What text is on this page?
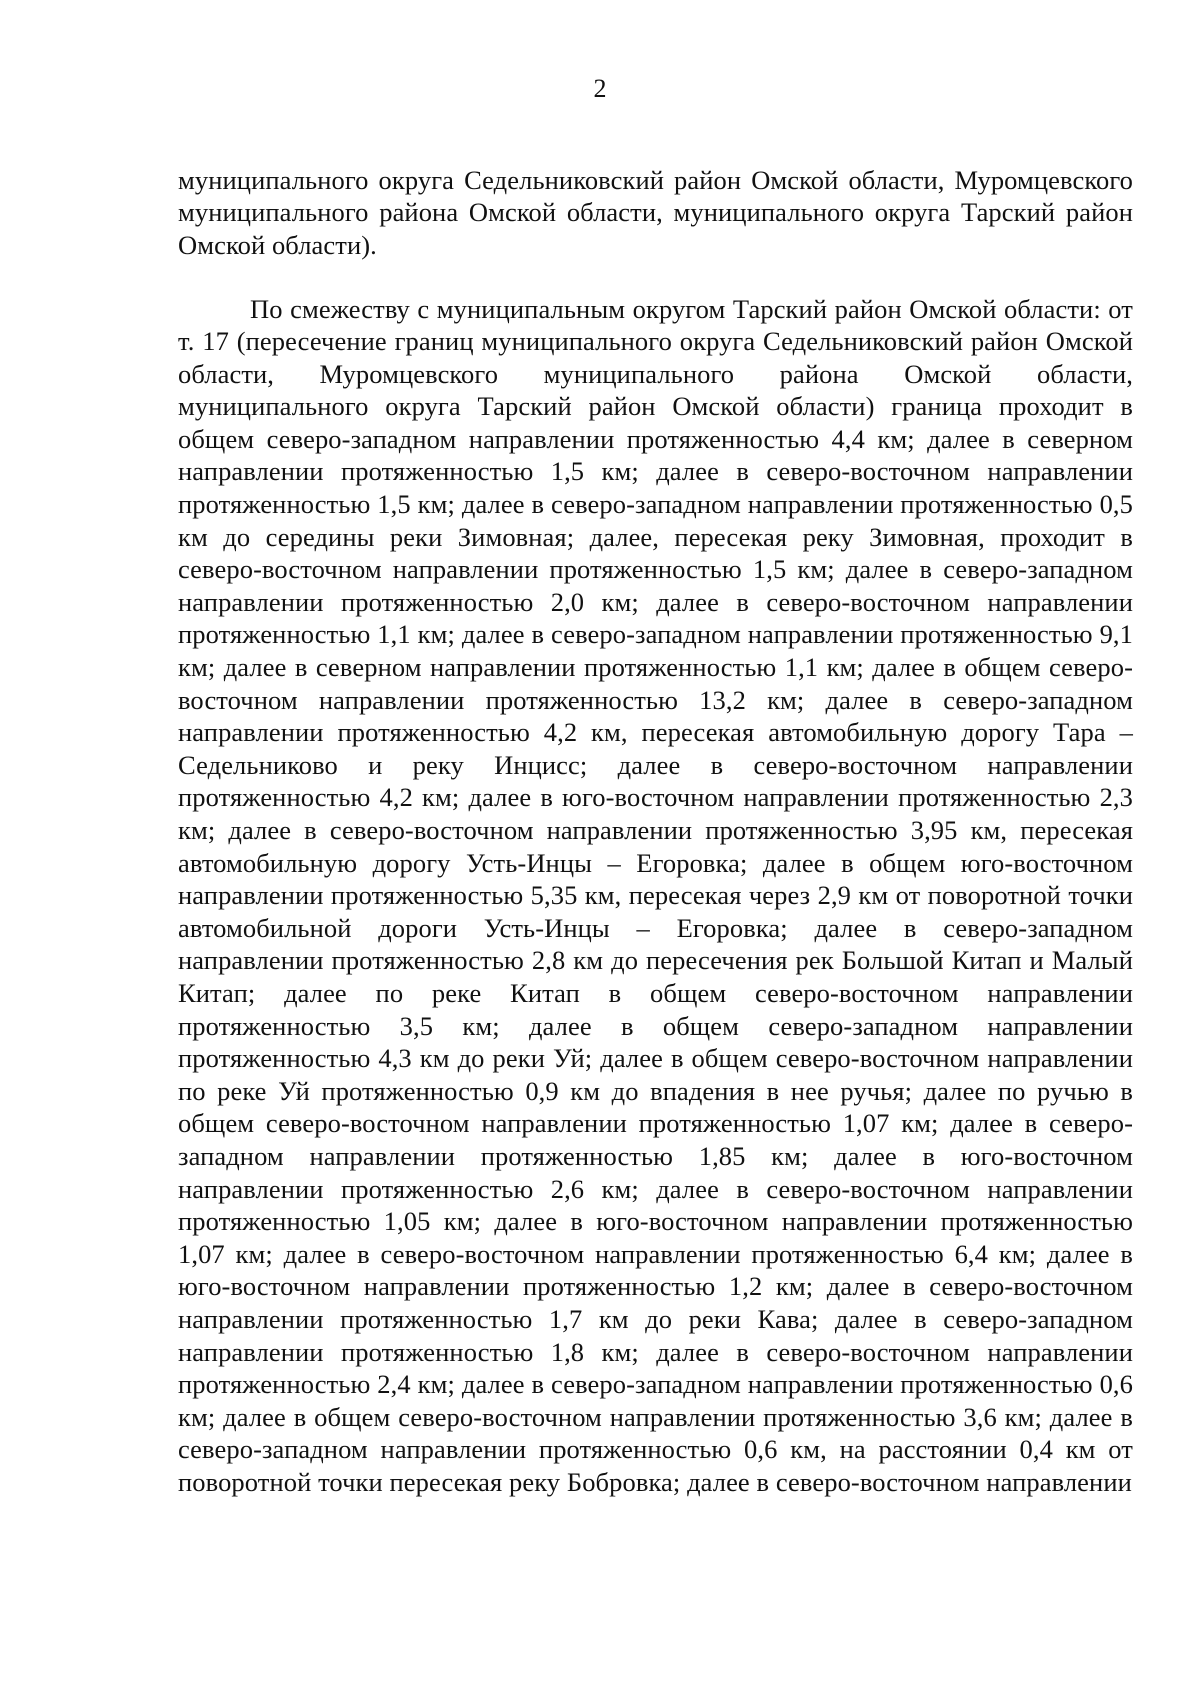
2

муниципального округа Седельниковский район Омской области, Муромцевского муниципального района Омской области, муниципального округа Тарский район Омской области).

По смежеству с муниципальным округом Тарский район Омской области: от т. 17 (пересечение границ муниципального округа Седельниковский район Омской области, Муромцевского муниципального района Омской области, муниципального округа Тарский район Омской области) граница проходит в общем северо-западном направлении протяженностью 4,4 км; далее в северном направлении протяженностью 1,5 км; далее в северо-восточном направлении протяженностью 1,5 км; далее в северо-западном направлении протяженностью 0,5 км до середины реки Зимовная; далее, пересекая реку Зимовная, проходит в северо-восточном направлении протяженностью 1,5 км; далее в северо-западном направлении протяженностью 2,0 км; далее в северо-восточном направлении протяженностью 1,1 км; далее в северо-западном направлении протяженностью 9,1 км; далее в северном направлении протяженностью 1,1 км; далее в общем северо-восточном направлении протяженностью 13,2 км; далее в северо-западном направлении протяженностью 4,2 км, пересекая автомобильную дорогу Тара – Седельниково и реку Инцисс; далее в северо-восточном направлении протяженностью 4,2 км; далее в юго-восточном направлении протяженностью 2,3 км; далее в северо-восточном направлении протяженностью 3,95 км, пересекая автомобильную дорогу Усть-Инцы – Егоровка; далее в общем юго-восточном направлении протяженностью 5,35 км, пересекая через 2,9 км от поворотной точки автомобильной дороги Усть-Инцы – Егоровка; далее в северо-западном направлении протяженностью 2,8 км до пересечения рек Большой Китап и Малый Китап; далее по реке Китап в общем северо-восточном направлении протяженностью 3,5 км; далее в общем северо-западном направлении протяженностью 4,3 км до реки Уй; далее в общем северо-восточном направлении по реке Уй протяженностью 0,9 км до впадения в нее ручья; далее по ручью в общем северо-восточном направлении протяженностью 1,07 км; далее в северо-западном направлении протяженностью 1,85 км; далее в юго-восточном направлении протяженностью 2,6 км; далее в северо-восточном направлении протяженностью 1,05 км; далее в юго-восточном направлении протяженностью 1,07 км; далее в северо-восточном направлении протяженностью 6,4 км; далее в юго-восточном направлении протяженностью 1,2 км; далее в северо-восточном направлении протяженностью 1,7 км до реки Кава; далее в северо-западном направлении протяженностью 1,8 км; далее в северо-восточном направлении протяженностью 2,4 км; далее в северо-западном направлении протяженностью 0,6 км; далее в общем северо-восточном направлении протяженностью 3,6 км; далее в северо-западном направлении протяженностью 0,6 км, на расстоянии 0,4 км от поворотной точки пересекая реку Бобровка; далее в северо-восточном направлении
